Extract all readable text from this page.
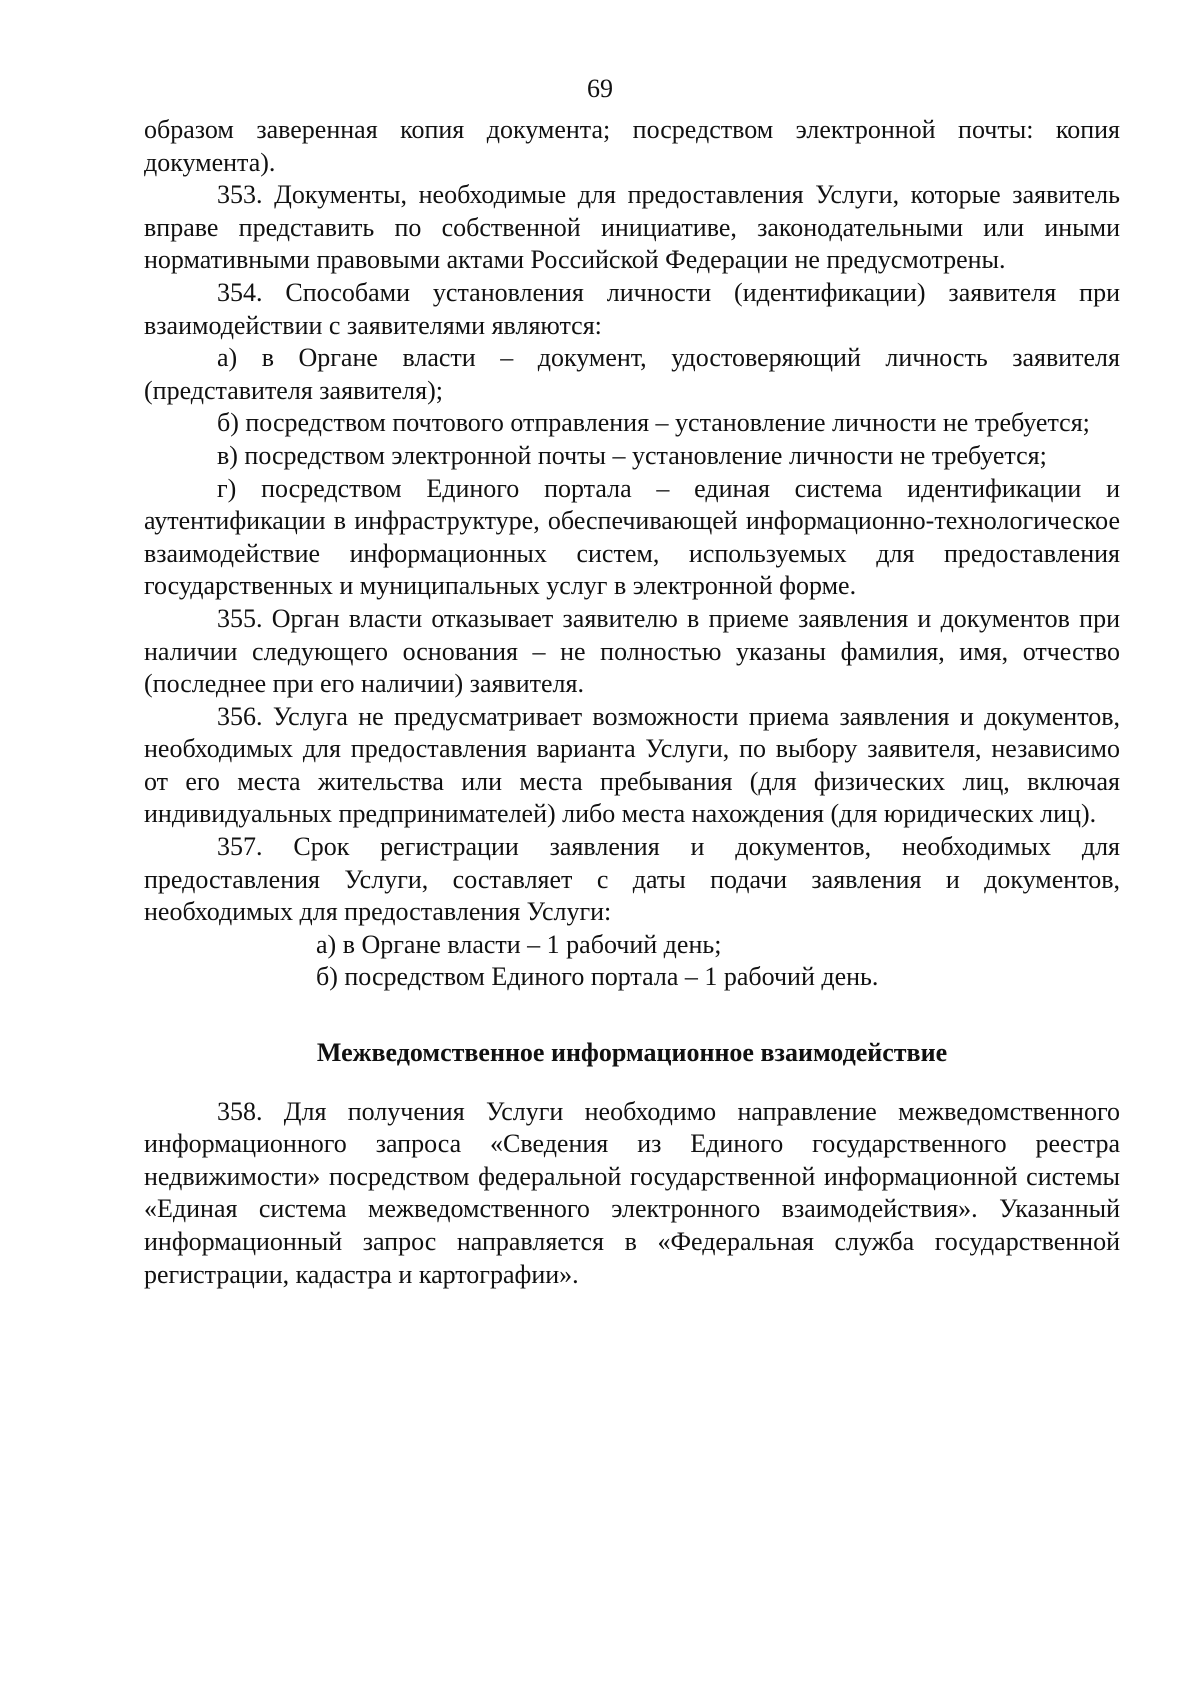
69

образом заверенная копия документа; посредством электронной почты: копия документа).

353. Документы, необходимые для предоставления Услуги, которые заявитель вправе представить по собственной инициативе, законодательными или иными нормативными правовыми актами Российской Федерации не предусмотрены.

354. Способами установления личности (идентификации) заявителя при взаимодействии с заявителями являются:

а) в Органе власти – документ, удостоверяющий личность заявителя (представителя заявителя);

б) посредством почтового отправления – установление личности не требуется;

в) посредством электронной почты – установление личности не требуется;

г) посредством Единого портала – единая система идентификации и аутентификации в инфраструктуре, обеспечивающей информационно-технологическое взаимодействие информационных систем, используемых для предоставления государственных и муниципальных услуг в электронной форме.

355. Орган власти отказывает заявителю в приеме заявления и документов при наличии следующего основания – не полностью указаны фамилия, имя, отчество (последнее при его наличии) заявителя.

356. Услуга не предусматривает возможности приема заявления и документов, необходимых для предоставления варианта Услуги, по выбору заявителя, независимо от его места жительства или места пребывания (для физических лиц, включая индивидуальных предпринимателей) либо места нахождения (для юридических лиц).

357. Срок регистрации заявления и документов, необходимых для предоставления Услуги, составляет с даты подачи заявления и документов, необходимых для предоставления Услуги:

а) в Органе власти – 1 рабочий день;

б) посредством Единого портала – 1 рабочий день.

Межведомственное информационное взаимодействие

358. Для получения Услуги необходимо направление межведомственного информационного запроса «Сведения из Единого государственного реестра недвижимости» посредством федеральной государственной информационной системы «Единая система межведомственного электронного взаимодействия». Указанный информационный запрос направляется в «Федеральная служба государственной регистрации, кадастра и картографии».
